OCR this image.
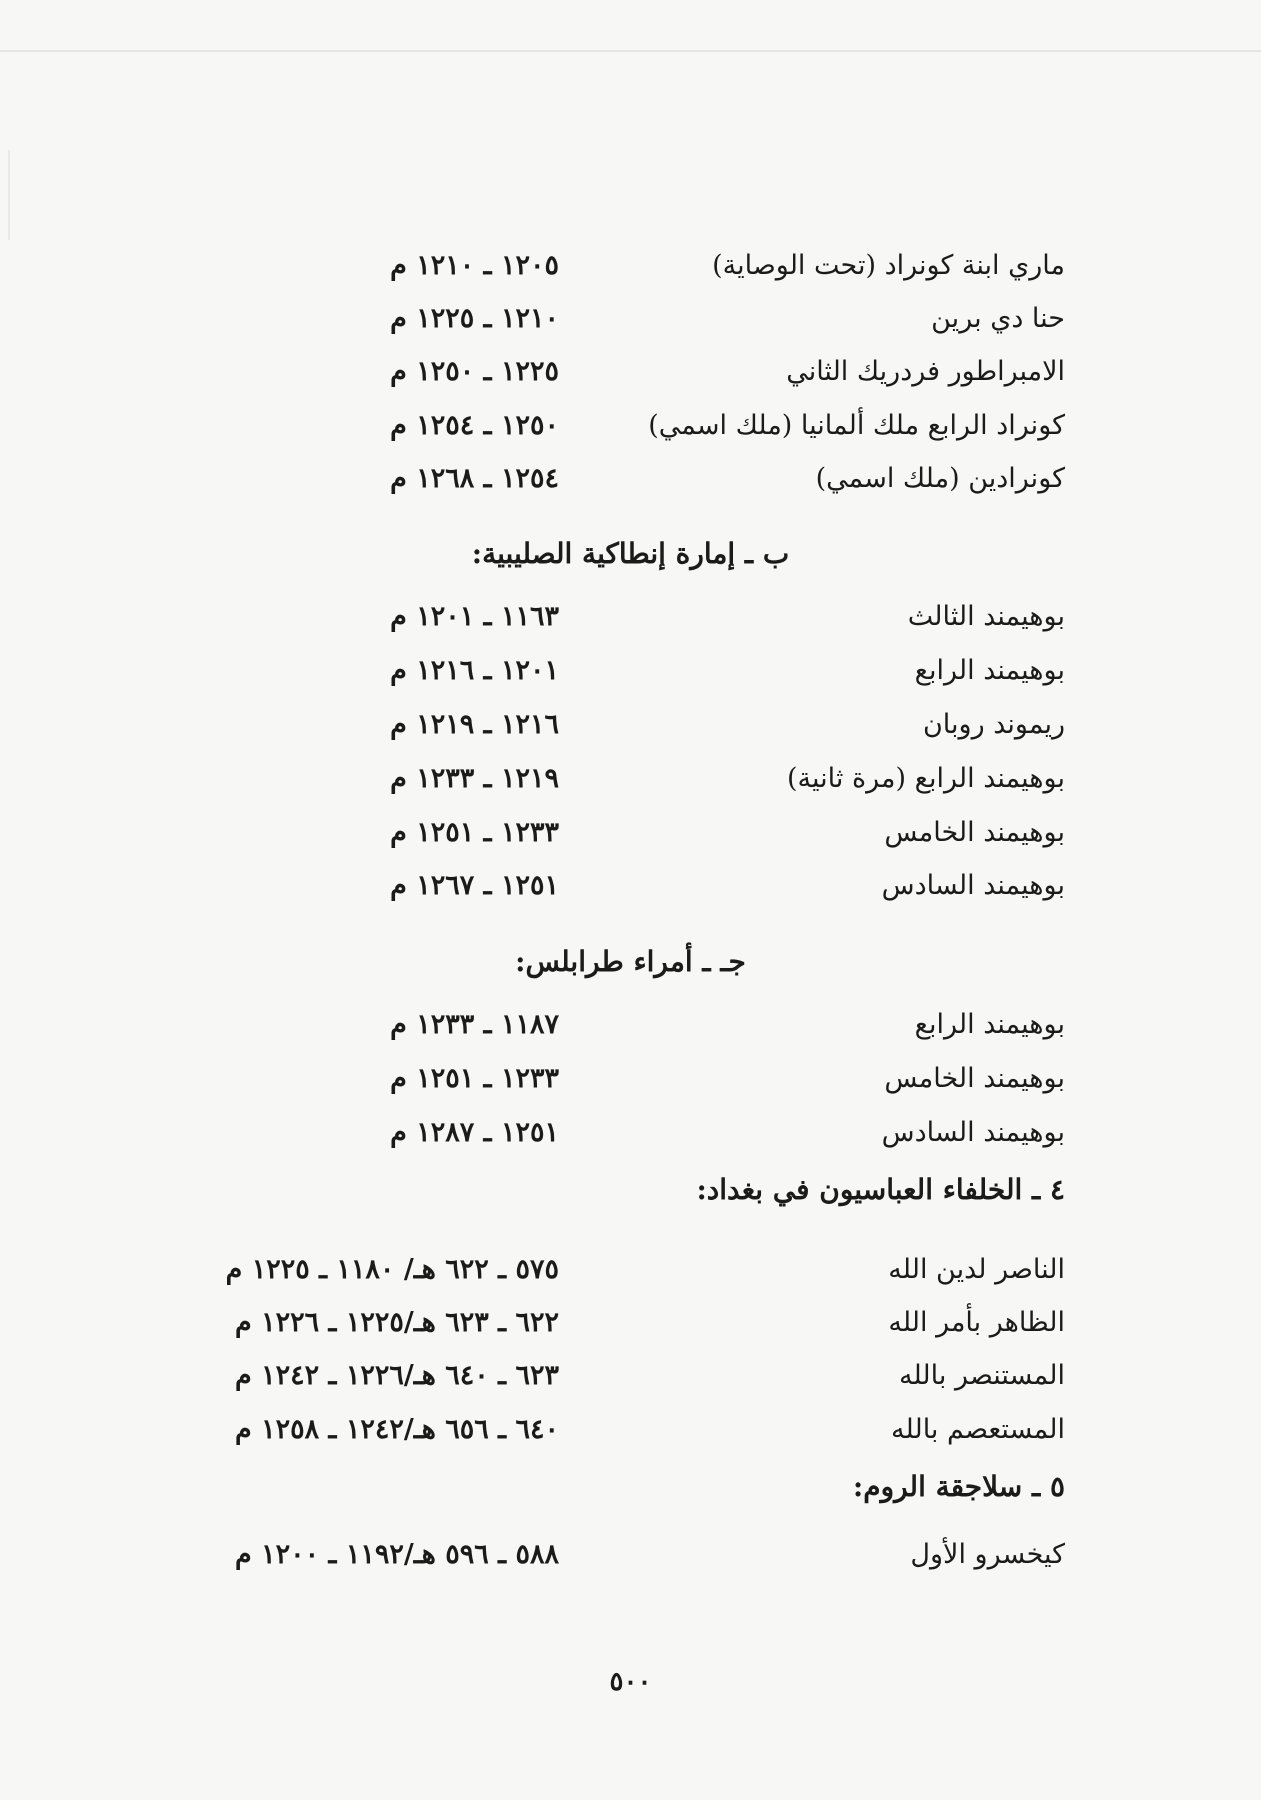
ماري ابنة كونراد (تحت الوصاية)
١٢٠٥ ـ ١٢١٠ م
حنا دي برين
١٢١٠ ـ ١٢٢٥ م
الامبراطور فردريك الثاني
١٢٢٥ ـ ١٢٥٠ م
كونراد الرابع ملك ألمانيا (ملك اسمي)
١٢٥٠ ـ ١٢٥٤ م
كونرادين (ملك اسمي)
١٢٥٤ ـ ١٢٦٨ م
ب ـ إمارة إنطاكية الصليبية:
بوهيمند الثالث
١١٦٣ ـ ١٢٠١ م
بوهيمند الرابع
١٢٠١ ـ ١٢١٦ م
ريموند روبان
١٢١٦ ـ ١٢١٩ م
بوهيمند الرابع (مرة ثانية)
١٢١٩ ـ ١٢٣٣ م
بوهيمند الخامس
١٢٣٣ ـ ١٢٥١ م
بوهيمند السادس
١٢٥١ ـ ١٢٦٧ م
جـ ـ أمراء طرابلس:
بوهيمند الرابع
١١٨٧ ـ ١٢٣٣ م
بوهيمند الخامس
١٢٣٣ ـ ١٢٥١ م
بوهيمند السادس
١٢٥١ ـ ١٢٨٧ م
٤ ـ الخلفاء العباسيون في بغداد:
الناصر لدين الله
٥٧٥ ـ ٦٢٢ هـ/ ١١٨٠ ـ ١٢٢٥ م
الظاهر بأمر الله
٦٢٢ ـ ٦٢٣ هـ/١٢٢٥ ـ ١٢٢٦ م
المستنصر بالله
٦٢٣ ـ ٦٤٠ هـ/١٢٢٦ ـ ١٢٤٢ م
المستعصم بالله
٦٤٠ ـ ٦٥٦ هـ/١٢٤٢ ـ ١٢٥٨ م
٥ ـ سلاجقة الروم:
كيخسرو الأول
٥٨٨ ـ ٥٩٦ هـ/١١٩٢ ـ ١٢٠٠ م
٥٠٠
